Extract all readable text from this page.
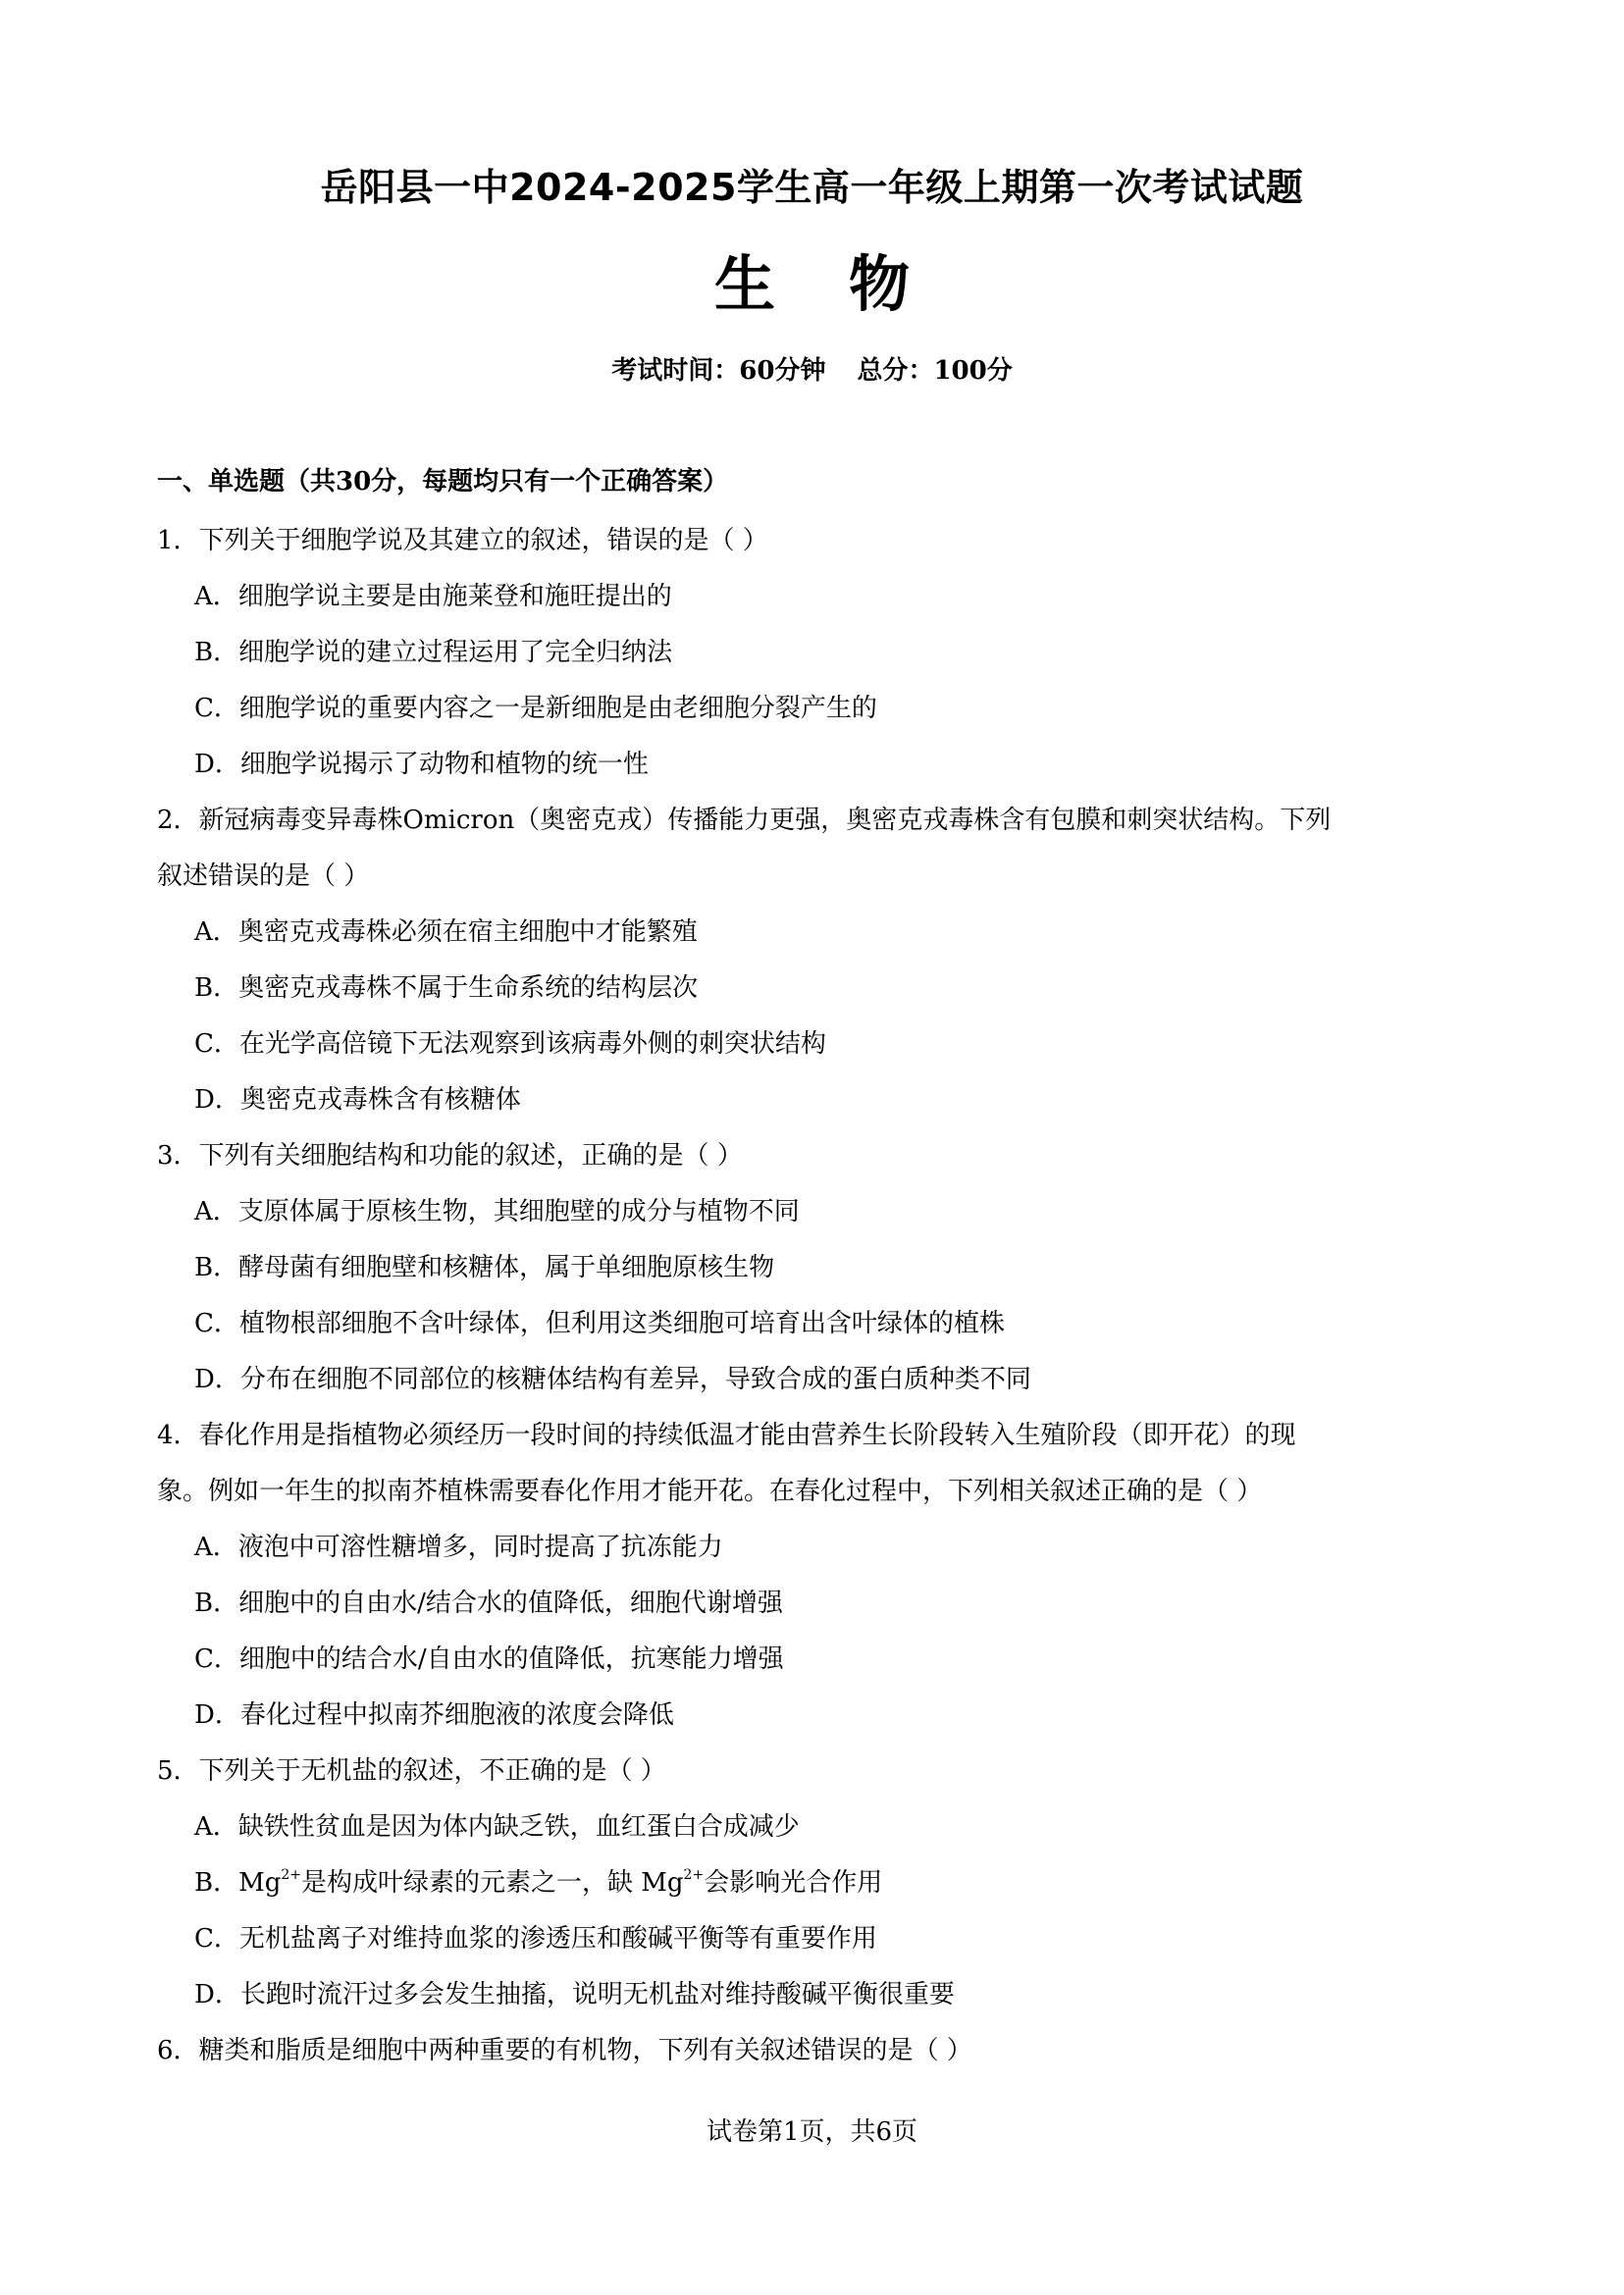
岳阳县一中2024-2025学生高一年级上期第一次考试试题
生 物
考试时间：60分钟 总分：100分
一、单选题（共30分，每题均只有一个正确答案）
1．下列关于细胞学说及其建立的叙述，错误的是（ ）
A．细胞学说主要是由施莱登和施旺提出的
B．细胞学说的建立过程运用了完全归纳法
C．细胞学说的重要内容之一是新细胞是由老细胞分裂产生的
D．细胞学说揭示了动物和植物的统一性
2．新冠病毒变异毒株Omicron（奥密克戎）传播能力更强，奥密克戎毒株含有包膜和刺突状结构。下列
叙述错误的是（ ）
A．奥密克戎毒株必须在宿主细胞中才能繁殖
B．奥密克戎毒株不属于生命系统的结构层次
C．在光学高倍镜下无法观察到该病毒外侧的刺突状结构
D．奥密克戎毒株含有核糖体
3．下列有关细胞结构和功能的叙述，正确的是（ ）
A．支原体属于原核生物，其细胞壁的成分与植物不同
B．酵母菌有细胞壁和核糖体，属于单细胞原核生物
C．植物根部细胞不含叶绿体，但利用这类细胞可培育出含叶绿体的植株
D．分布在细胞不同部位的核糖体结构有差异，导致合成的蛋白质种类不同
4．春化作用是指植物必须经历一段时间的持续低温才能由营养生长阶段转入生殖阶段（即开花）的现
象。例如一年生的拟南芥植株需要春化作用才能开花。在春化过程中，下列相关叙述正确的是（ ）
A．液泡中可溶性糖增多，同时提高了抗冻能力
B．细胞中的自由水/结合水的值降低，细胞代谢增强
C．细胞中的结合水/自由水的值降低，抗寒能力增强
D．春化过程中拟南芥细胞液的浓度会降低
5．下列关于无机盐的叙述，不正确的是（ ）
A．缺铁性贫血是因为体内缺乏铁，血红蛋白合成减少
B．$Mg^{2+}$是构成叶绿素的元素之一，缺 $Mg^{2+}$会影响光合作用
C．无机盐离子对维持血浆的渗透压和酸碱平衡等有重要作用
D．长跑时流汗过多会发生抽搐，说明无机盐对维持酸碱平衡很重要
6．糖类和脂质是细胞中两种重要的有机物，下列有关叙述错误的是（ ）
试卷第1页，共6页
